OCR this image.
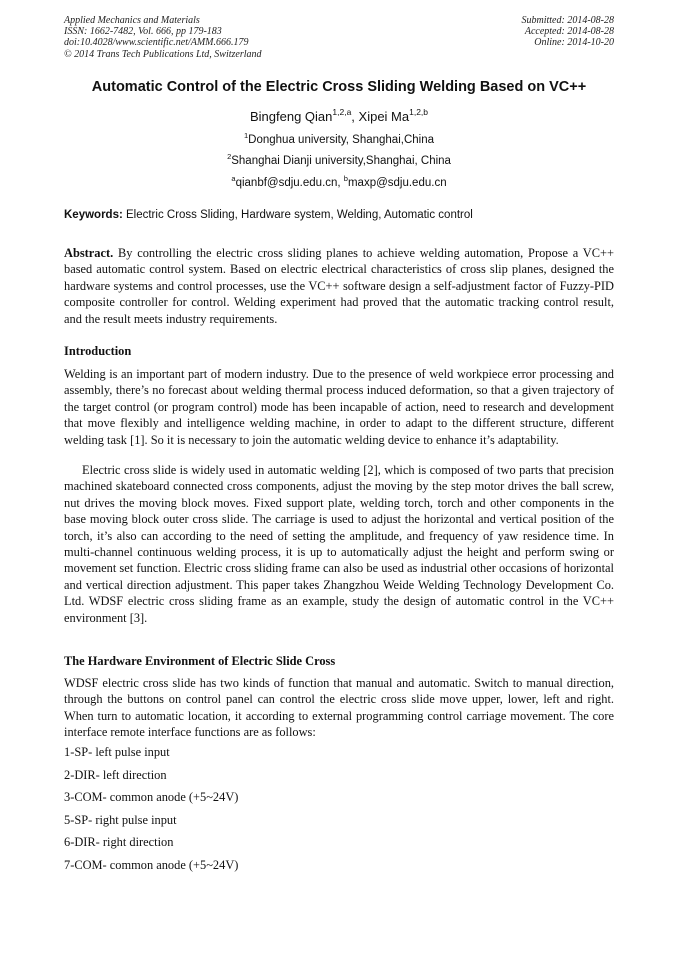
Applied Mechanics and Materials
ISSN: 1662-7482, Vol. 666, pp 179-183
doi:10.4028/www.scientific.net/AMM.666.179
© 2014 Trans Tech Publications Ltd, Switzerland
Submitted: 2014-08-28
Accepted: 2014-08-28
Online: 2014-10-20
Automatic Control of the Electric Cross Sliding Welding Based on VC++
Bingfeng Qian$^{1,2,a}$, Xipei Ma$^{1,2,b}$
$^1$Donghua university, Shanghai,China
$^2$Shanghai Dianji university,Shanghai, China
$^a$qianbf@sdju.edu.cn, $^b$maxp@sdju.edu.cn
Keywords: Electric Cross Sliding, Hardware system, Welding, Automatic control
Abstract. By controlling the electric cross sliding planes to achieve welding automation, Propose a VC++ based automatic control system. Based on electric electrical characteristics of cross slip planes, designed the hardware systems and control processes, use the VC++ software design a self-adjustment factor of Fuzzy-PID composite controller for control. Welding experiment had proved that the automatic tracking control result, and the result meets industry requirements.
Introduction
Welding is an important part of modern industry. Due to the presence of weld workpiece error processing and assembly, there’s no forecast about welding thermal process induced deformation, so that a given trajectory of the target control (or program control) mode has been incapable of action, need to research and development that move flexibly and intelligence welding machine, in order to adapt to the different structure, different welding task [1]. So it is necessary to join the automatic welding device to enhance it’s adaptability.
Electric cross slide is widely used in automatic welding [2], which is composed of two parts that precision machined skateboard connected cross components, adjust the moving by the step motor drives the ball screw, nut drives the moving block moves. Fixed support plate, welding torch, torch and other components in the base moving block outer cross slide. The carriage is used to adjust the horizontal and vertical position of the torch, it’s also can according to the need of setting the amplitude, and frequency of yaw residence time. In multi-channel continuous welding process, it is up to automatically adjust the height and perform swing or movement set function. Electric cross sliding frame can also be used as industrial other occasions of horizontal and vertical direction adjustment. This paper takes Zhangzhou Weide Welding Technology Development Co. Ltd. WDSF electric cross sliding frame as an example, study the design of automatic control in the VC++ environment [3].
The Hardware Environment of Electric Slide Cross
WDSF electric cross slide has two kinds of function that manual and automatic. Switch to manual direction, through the buttons on control panel can control the electric cross slide move upper, lower, left and right. When turn to automatic location, it according to external programming control carriage movement. The core interface remote interface functions are as follows:
1-SP- left pulse input
2-DIR- left direction
3-COM- common anode (+5~24V)
5-SP- right pulse input
6-DIR- right direction
7-COM- common anode (+5~24V)
